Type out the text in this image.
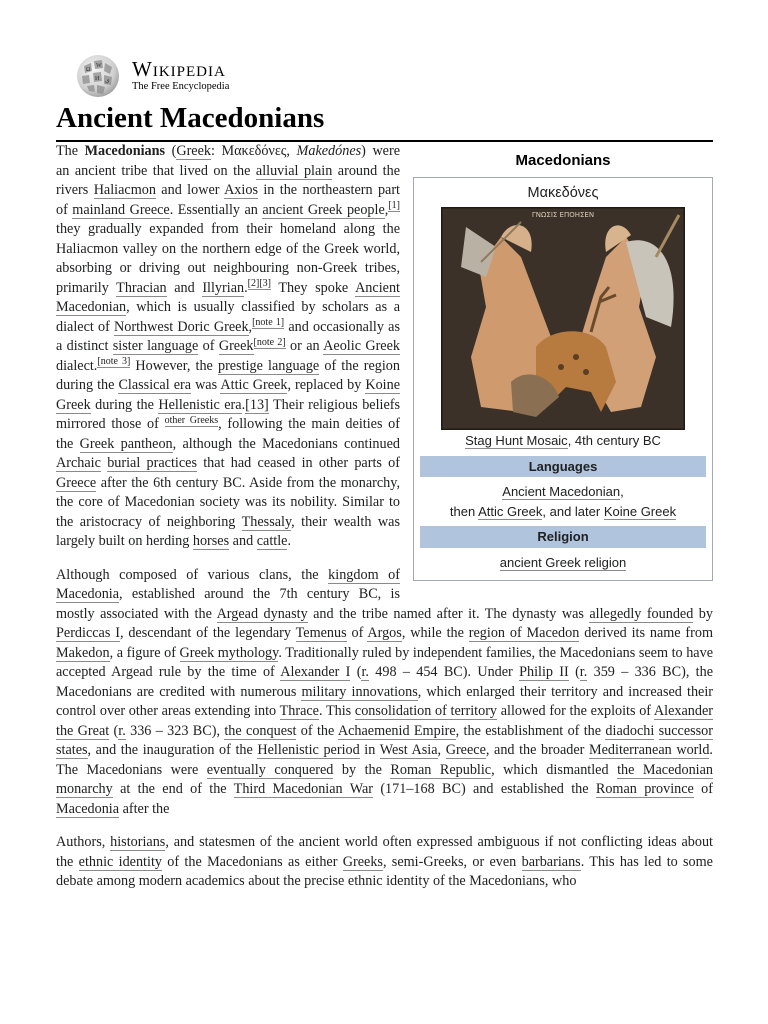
Ω
W
И ي Wikipedia
The Free Encyclopedia
Ancient Macedonians
Macedonians
Μακεδόνες
ΓΝΩΣΙΣ ΕΠΟΗΣΕΝ
Stag Hunt Mosaic, 4th century BC
Languages
Ancient Macedonian,
then Attic Greek, and later Koine Greek
Religion
ancient Greek religion

The Macedonians (Greek: Μακεδόνες, Makedónes) were an ancient tribe that lived on the alluvial plain around the rivers Haliacmon and lower Axios in the northeastern part of mainland Greece. Essentially an ancient Greek people,[1] they gradually expanded from their homeland along the Haliacmon valley on the northern edge of the Greek world, absorbing or driving out neighbouring non-Greek tribes, primarily Thracian and Illyrian.[2][3] They spoke Ancient Macedonian, which is usually classified by scholars as a dialect of Northwest Doric Greek,[note 1] and occasionally as a distinct sister language of Greek[note 2] or an Aeolic Greek dialect.[note 3] However, the prestige language of the region during the Classical era was Attic Greek, replaced by Koine Greek during the Hellenistic era.[13] Their religious beliefs mirrored those of $^{other Greeks}$, following the main deities of the Greek pantheon, although the Macedonians continued Archaic burial practices that had ceased in other parts of Greece after the 6th century BC. Aside from the monarchy, the core of Macedonian society was its nobility. Similar to the aristocracy of neighboring Thessaly, their wealth was largely built on herding horses and cattle.

Although composed of various clans, the kingdom of Macedonia, established around the 7th century BC, is mostly associated with the Argead dynasty and the tribe named after it. The dynasty was allegedly founded by Perdiccas I, descendant of the legendary Temenus of Argos, while the region of Macedon derived its name from Makedon, a figure of Greek mythology. Traditionally ruled by independent families, the Macedonians seem to have accepted Argead rule by the time of Alexander I (r. 498 – 454 BC). Under Philip II (r. 359 – 336 BC), the Macedonians are credited with numerous military innovations, which enlarged their territory and increased their control over other areas extending into Thrace. This consolidation of territory allowed for the exploits of Alexander the Great (r. 336 – 323 BC), the conquest of the Achaemenid Empire, the establishment of the diadochi successor states, and the inauguration of the Hellenistic period in West Asia, Greece, and the broader Mediterranean world. The Macedonians were eventually conquered by the Roman Republic, which dismantled the Macedonian monarchy at the end of the Third Macedonian War (171–168 BC) and established the Roman province of Macedonia after the

Authors, historians, and statesmen of the ancient world often expressed ambiguous if not conflicting ideas about the ethnic identity of the Macedonians as either Greeks, semi-Greeks, or even barbarians. This has led to some debate among modern academics about the precise ethnic identity of the Macedonians, who
